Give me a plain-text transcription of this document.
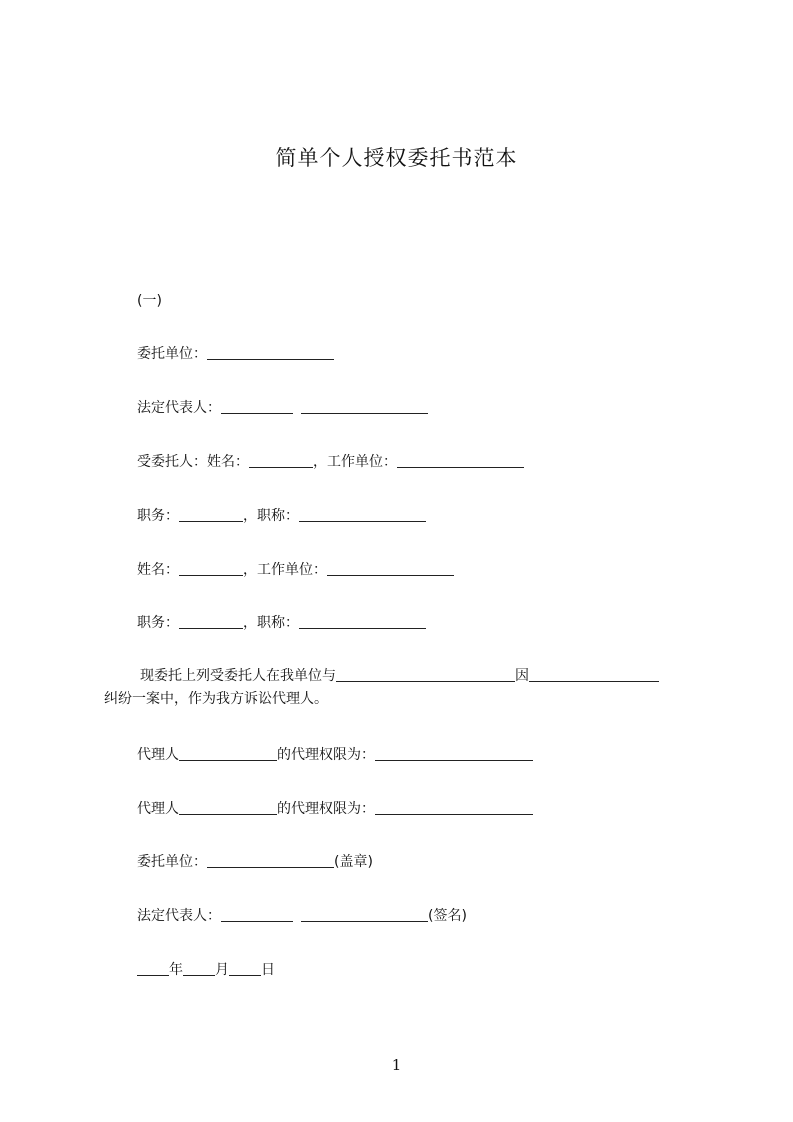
简单个人授权委托书范本
(一)
委托单位：
法定代表人：
受委托人：姓名：	，工作单位：
职务：	，职称：
姓名：	，工作单位：
职务：	，职称：
现委托上列受委托人在我单位与	因
纠纷一案中，作为我方诉讼代理人。
代理人	的代理权限为：
代理人	的代理权限为：
委托单位：	(盖章)
法定代表人：	(签名)
年 月 日
1
